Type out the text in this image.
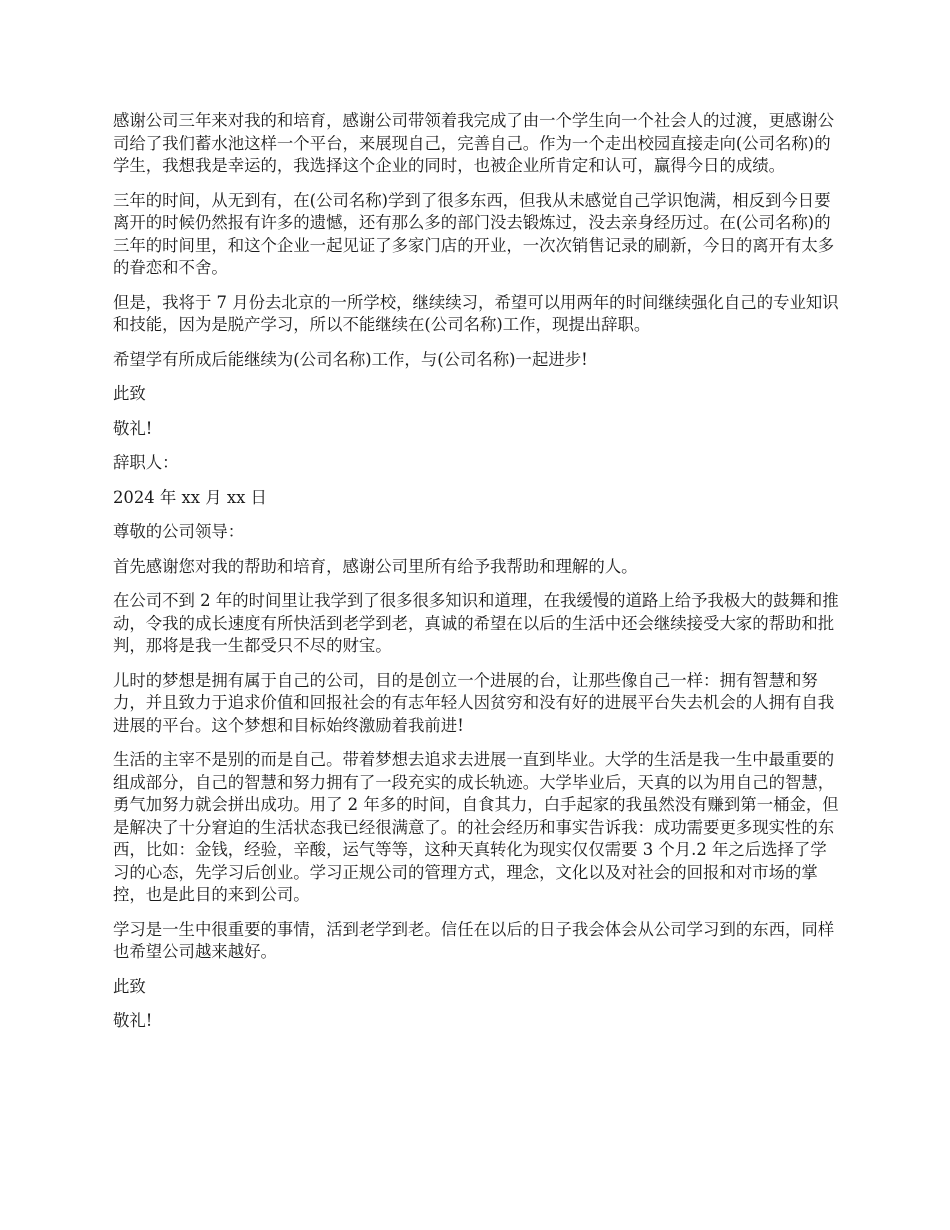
感谢公司三年来对我的和培育，感谢公司带领着我完成了由一个学生向一个社会人的过渡，更感谢公司给了我们蓄水池这样一个平台，来展现自己，完善自己。作为一个走出校园直接走向(公司名称)的学生，我想我是幸运的，我选择这个企业的同时，也被企业所肯定和认可，赢得今日的成绩。

三年的时间，从无到有，在(公司名称)学到了很多东西，但我从未感觉自己学识饱满，相反到今日要离开的时候仍然报有许多的遗憾，还有那么多的部门没去锻炼过，没去亲身经历过。在(公司名称)的三年的时间里，和这个企业一起见证了多家门店的开业，一次次销售记录的刷新，今日的离开有太多的眷恋和不舍。

但是，我将于 7 月份去北京的一所学校，继续续习，希望可以用两年的时间继续强化自己的专业知识和技能，因为是脱产学习，所以不能继续在(公司名称)工作，现提出辞职。

希望学有所成后能继续为(公司名称)工作，与(公司名称)一起进步!

此致

敬礼!

辞职人：

2024 年 xx 月 xx 日

尊敬的公司领导：

首先感谢您对我的帮助和培育，感谢公司里所有给予我帮助和理解的人。

在公司不到 2 年的时间里让我学到了很多很多知识和道理，在我缓慢的道路上给予我极大的鼓舞和推动，令我的成长速度有所快活到老学到老，真诚的希望在以后的生活中还会继续接受大家的帮助和批判，那将是我一生都受只不尽的财宝。

儿时的梦想是拥有属于自己的公司，目的是创立一个进展的台，让那些像自己一样：拥有智慧和努力，并且致力于追求价值和回报社会的有志年轻人因贫穷和没有好的进展平台失去机会的人拥有自我进展的平台。这个梦想和目标始终激励着我前进!

生活的主宰不是别的而是自己。带着梦想去追求去进展一直到毕业。大学的生活是我一生中最重要的组成部分，自己的智慧和努力拥有了一段充实的成长轨迹。大学毕业后，天真的以为用自己的智慧，勇气加努力就会拼出成功。用了 2 年多的时间，自食其力，白手起家的我虽然没有赚到第一桶金，但是解决了十分窘迫的生活状态我已经很满意了。的社会经历和事实告诉我：成功需要更多现实性的东西，比如：金钱，经验，辛酸，运气等等，这种天真转化为现实仅仅需要 3 个月.2 年之后选择了学习的心态，先学习后创业。学习正规公司的管理方式，理念，文化以及对社会的回报和对市场的掌控，也是此目的来到公司。

学习是一生中很重要的事情，活到老学到老。信任在以后的日子我会体会从公司学习到的东西，同样也希望公司越来越好。

此致

敬礼!
